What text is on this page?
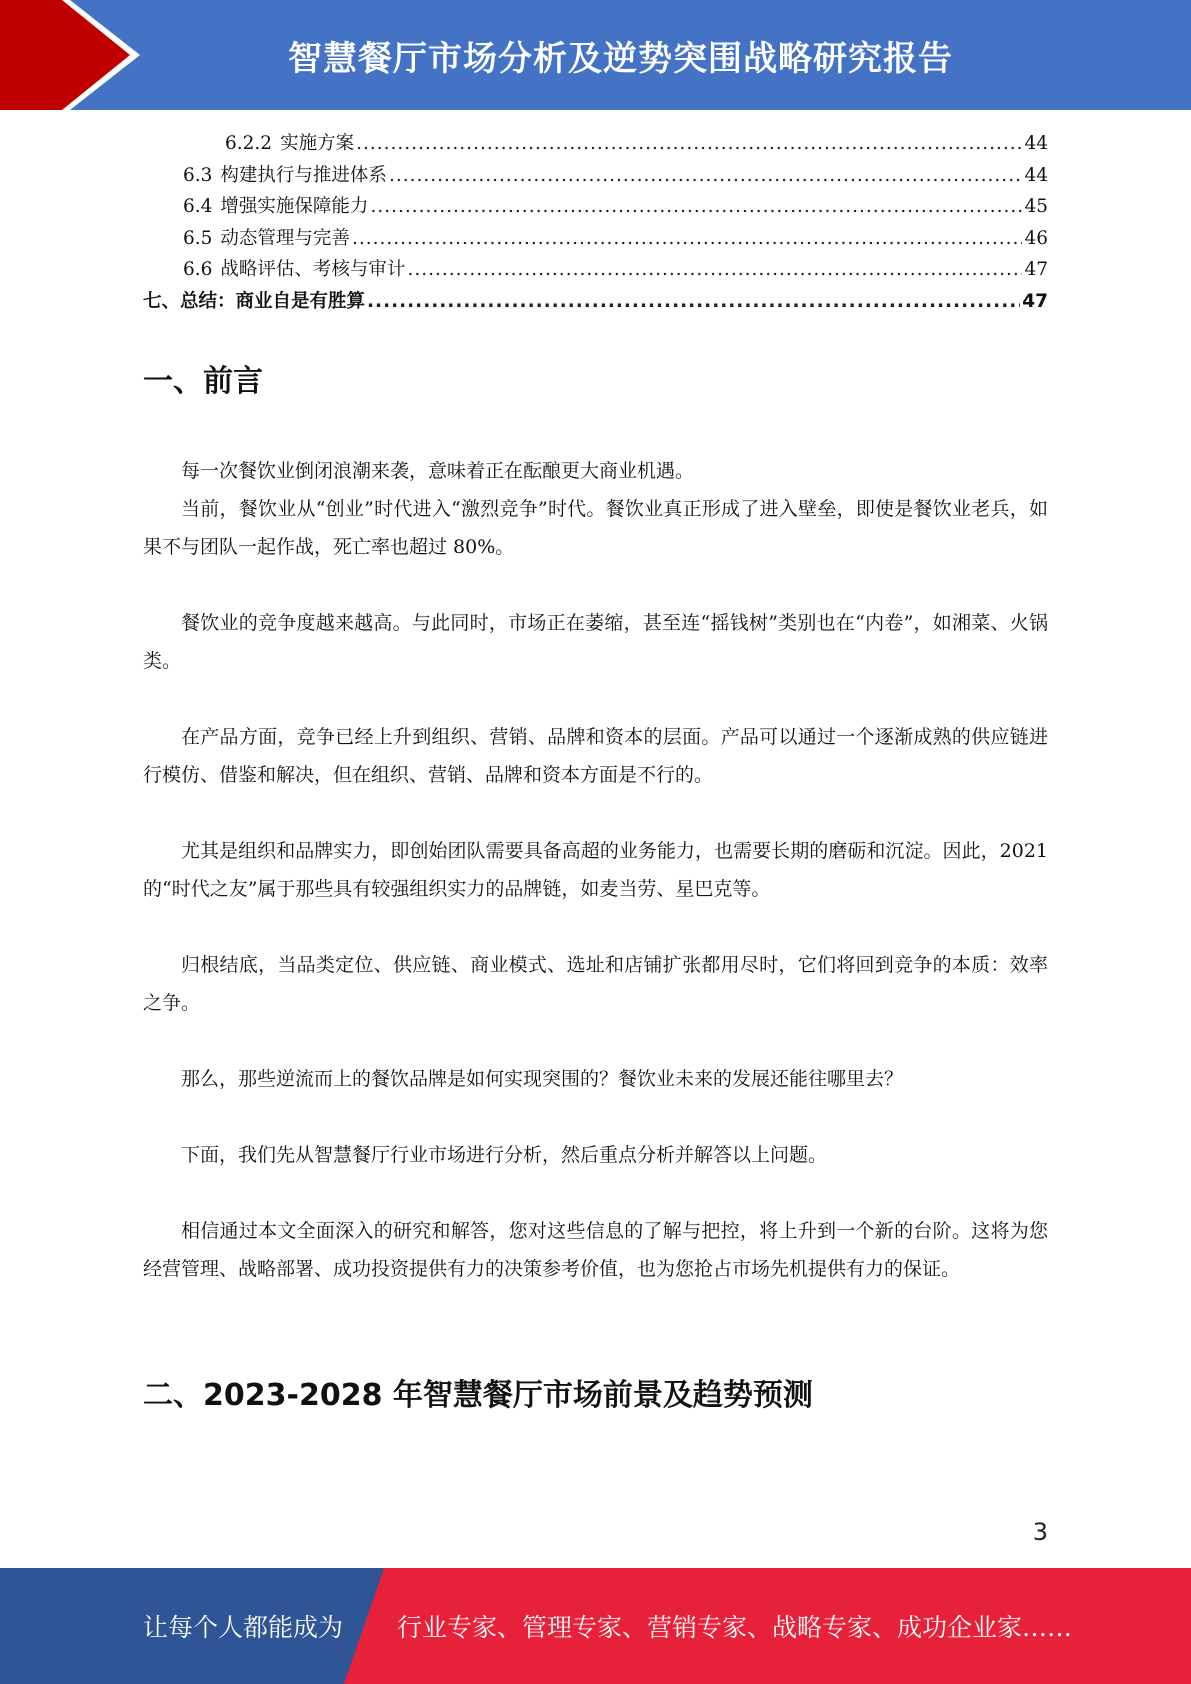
智慧餐厅市场分析及逆势突围战略研究报告
6.2.2 实施方案 .....	44
6.3 构建执行与推进体系 .....	44
6.4 增强实施保障能力 .....	45
6.5 动态管理与完善 .....	46
6.6 战略评估、考核与审计 .....	47
七、总结：商业自是有胜算 .....	47
一、前言

每一次餐饮业倒闭浪潮来袭，意味着正在酝酿更大商业机遇。

当前，餐饮业从“创业”时代进入“激烈竞争”时代。餐饮业真正形成了进入壁垒，即使是餐饮业老兵，如果不与团队一起作战，死亡率也超过 80%。

餐饮业的竞争度越来越高。与此同时，市场正在萎缩，甚至连“摇钱树”类别也在“内卷”，如湘菜、火锅类。

在产品方面，竞争已经上升到组织、营销、品牌和资本的层面。产品可以通过一个逐渐成熟的供应链进行模仿、借鉴和解决，但在组织、营销、品牌和资本方面是不行的。

尤其是组织和品牌实力，即创始团队需要具备高超的业务能力，也需要长期的磨砺和沉淀。因此，2021 的“时代之友”属于那些具有较强组织实力的品牌链，如麦当劳、星巴克等。

归根结底，当品类定位、供应链、商业模式、选址和店铺扩张都用尽时，它们将回到竞争的本质：效率之争。

那么，那些逆流而上的餐饮品牌是如何实现突围的？餐饮业未来的发展还能往哪里去？

下面，我们先从智慧餐厅行业市场进行分析，然后重点分析并解答以上问题。

相信通过本文全面深入的研究和解答，您对这些信息的了解与把控，将上升到一个新的台阶。这将为您经营管理、战略部署、成功投资提供有力的决策参考价值，也为您抢占市场先机提供有力的保证。

二、2023-2028 年智慧餐厅市场前景及趋势预测
3
让每个人都能成为 行业专家、管理专家、营销专家、战略专家、成功企业家……
